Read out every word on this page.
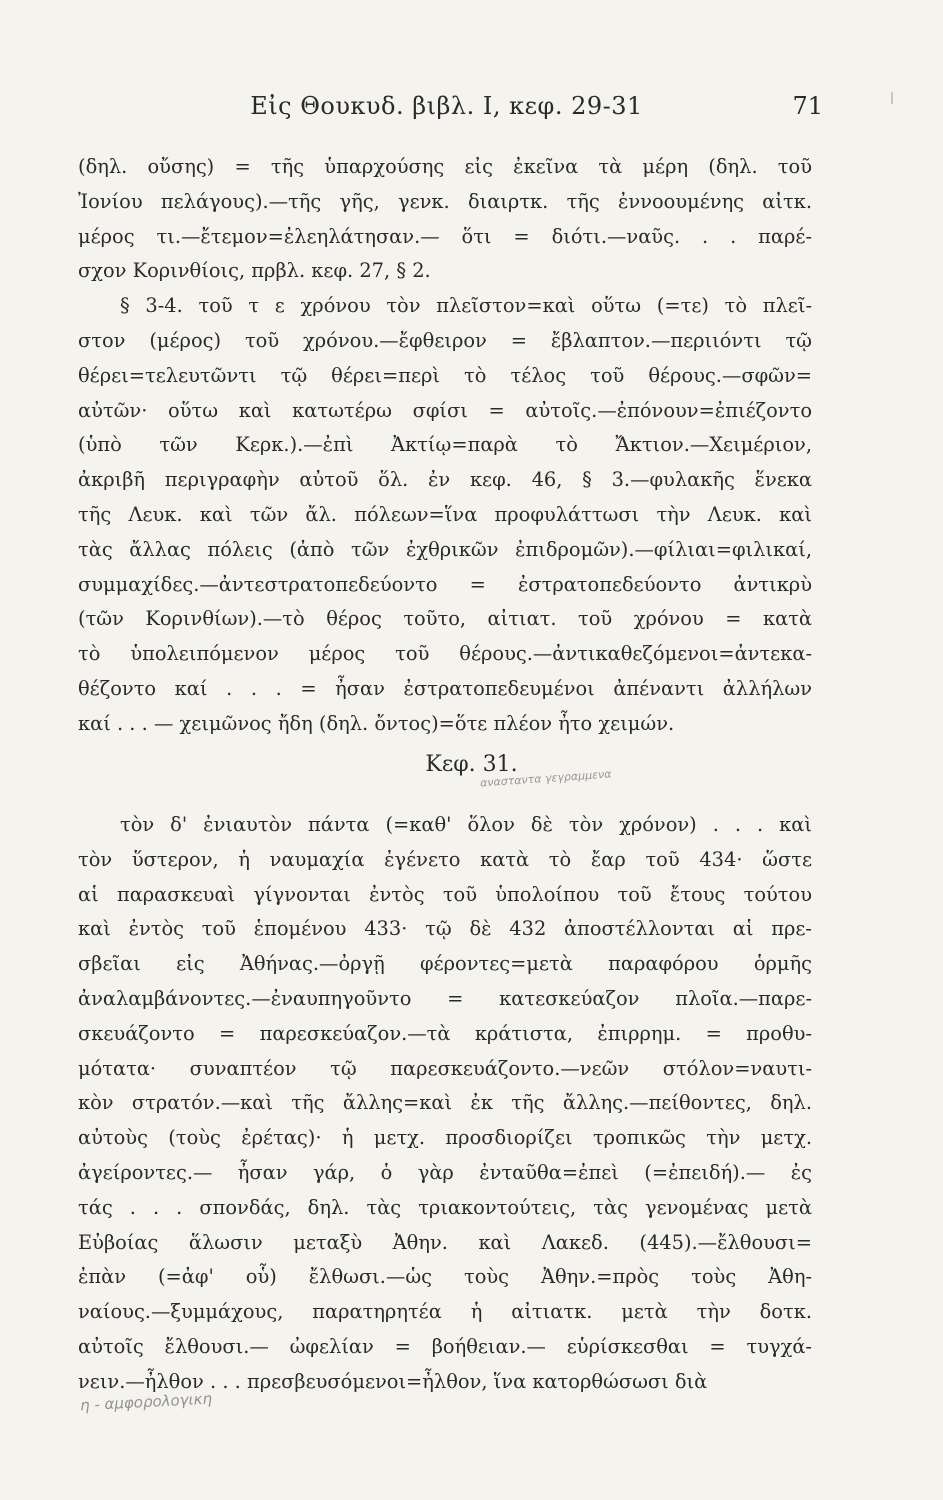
Εἰς Θουκυδ. βιβλ. Ι, κεφ. 29-31	71
(δηλ. οὔσης) = τῆς ὑπαρχούσης εἰς ἐκεῖνα τὰ μέρη (δηλ. τοῦ
Ἰονίου πελάγους).—τῆς γῆς, γενκ. διαιρτκ. τῆς ἐννοουμένης αἰτκ.
μέρος τι.—ἔτεμον=ἐλεηλάτησαν.— ὅτι = διότι.—ναῦς. . . παρέ-
σχον Κορινθίοις, πρβλ. κεφ. 27, § 2.
§ 3-4. τοῦ τ ε χρόνου τὸν πλεῖστον=καὶ οὕτω (=τε) τὸ πλεῖ-
στον (μέρος) τοῦ χρόνου.—ἔφθειρον = ἔβλαπτον.—περιιόντι τῷ
θέρει=τελευτῶντι τῷ θέρει=περὶ τὸ τέλος τοῦ θέρους.—σφῶν=
αὐτῶν· οὕτω καὶ κατωτέρω σφίσι = αὐτοῖς.—ἐπόνουν=ἐπιέζοντο
(ὑπὸ τῶν Κερκ.).—ἐπὶ Ἀκτίῳ=παρὰ τὸ Ἄκτιον.—Χειμέριον,
ἀκριβῆ περιγραφὴν αὐτοῦ ὅλ. ἐν κεφ. 46, § 3.—φυλακῆς ἕνεκα
τῆς Λευκ. καὶ τῶν ἄλ. πόλεων=ἵνα προφυλάττωσι τὴν Λευκ. καὶ
τὰς ἄλλας πόλεις (ἀπὸ τῶν ἐχθρικῶν ἐπιδρομῶν).—φίλιαι=φιλικαί,
συμμαχίδες.—ἀντεστρατοπεδεύοντο = ἐστρατοπεδεύοντο ἀντικρὺ
(τῶν Κορινθίων).—τὸ θέρος τοῦτο, αἰτιατ. τοῦ χρόνου = κατὰ
τὸ ὑπολειπόμενον μέρος τοῦ θέρους.—ἀντικαθεζόμενοι=ἀντεκα-
θέζοντο καί . . . = ἦσαν ἐστρατοπεδευμένοι ἀπέναντι ἀλλήλων
καί . . . — χειμῶνος ἤδη (δηλ. ὄντος)=ὅτε πλέον ἦτο χειμών.
Κεφ. 31.
ανασταντα γεγραμμενα
τὸν δ' ἐνιαυτὸν πάντα (=καθ' ὅλον δὲ τὸν χρόνον) . . . καὶ
τὸν ὕστερον, ἡ ναυμαχία ἐγένετο κατὰ τὸ ἔαρ τοῦ 434· ὥστε
αἱ παρασκευαὶ γίγνονται ἐντὸς τοῦ ὑπολοίπου τοῦ ἔτους τούτου
καὶ ἐντὸς τοῦ ἑπομένου 433· τῷ δὲ 432 ἀποστέλλονται αἱ πρε-
σβεῖαι εἰς Ἀθήνας.—ὀργῇ φέροντες=μετὰ παραφόρου ὁρμῆς
ἀναλαμβάνοντες.—ἐναυπηγοῦντο = κατεσκεύαζον πλοῖα.—παρε-
σκευάζοντο = παρεσκεύαζον.—τὰ κράτιστα, ἐπιρρημ. = προθυ-
μότατα· συναπτέον τῷ παρεσκευάζοντο.—νεῶν στόλον=ναυτι-
κὸν στρατόν.—καὶ τῆς ἄλλης=καὶ ἐκ τῆς ἄλλης.—πείθοντες, δηλ.
αὐτοὺς (τοὺς ἐρέτας)· ἡ μετχ. προσδιορίζει τροπικῶς τὴν μετχ.
ἀγείροντες.— ἦσαν γάρ, ὁ γὰρ ἐνταῦθα=ἐπεὶ (=ἐπειδή).— ἐς
τάς . . . σπονδάς, δηλ. τὰς τριακοντούτεις, τὰς γενομένας μετὰ
Εὐβοίας ἅλωσιν μεταξὺ Ἀθην. καὶ Λακεδ. (445).—ἔλθουσι=
ἐπὰν (=ἀφ' οὗ) ἔλθωσι.—ὡς τοὺς Ἀθην.=πρὸς τοὺς Ἀθη-
ναίους.—ξυμμάχους, παρατηρητέα ἡ αἰτιατκ. μετὰ τὴν δοτκ.
αὐτοῖς ἔλθουσι.— ὠφελίαν = βοήθειαν.— εὑρίσκεσθαι = τυγχά-
νειν.—ἦλθον . . . πρεσβευσόμενοι=ἦλθον, ἵνα κατορθώσωσι διὰ
η - αμφορολογικη
